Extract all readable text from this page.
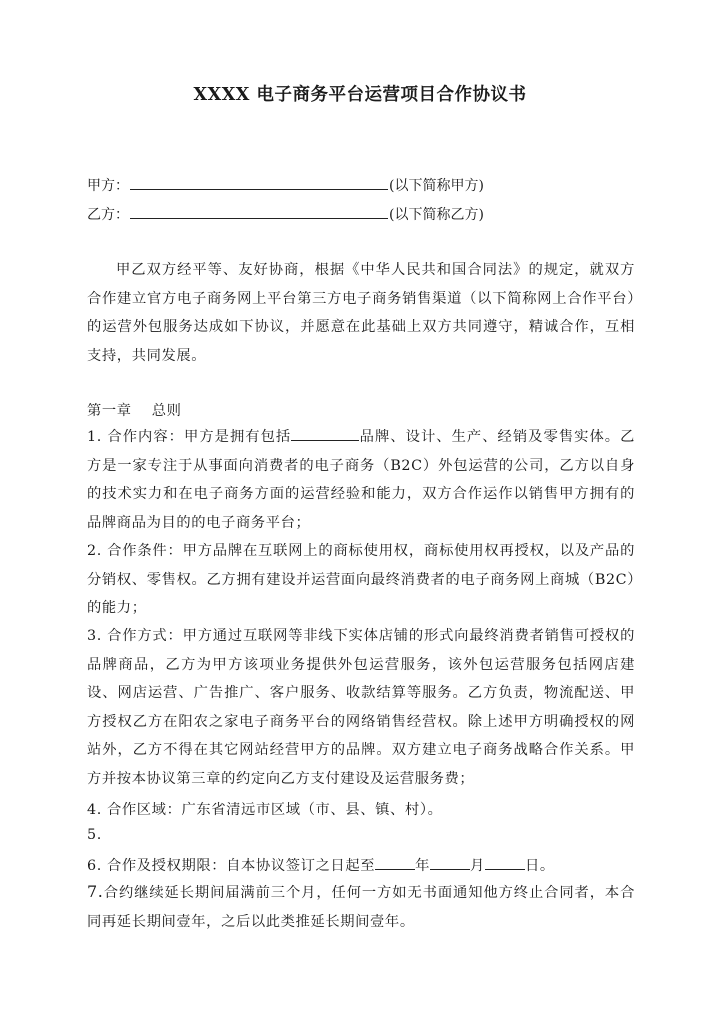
XXXX 电子商务平台运营项目合作协议书
甲方：	(以下简称甲方)
乙方：	(以下简称乙方)
甲乙双方经平等、友好协商，根据《中华人民共和国合同法》的规定，就双方合作建立官方电子商务网上平台第三方电子商务销售渠道（以下简称网上合作平台）的运营外包服务达成如下协议，并愿意在此基础上双方共同遵守，精诚合作，互相支持，共同发展。
第一章　 总则
1. 合作内容：甲方是拥有包括	品牌、设计、生产、经销及零售实体。乙方是一家专注于从事面向消费者的电子商务（B2C）外包运营的公司，乙方以自身的技术实力和在电子商务方面的运营经验和能力，双方合作运作以销售甲方拥有的品牌商品为目的的电子商务平台；
2. 合作条件：甲方品牌在互联网上的商标使用权，商标使用权再授权，以及产品的分销权、零售权。乙方拥有建设并运营面向最终消费者的电子商务网上商城（B2C）的能力；
3. 合作方式：甲方通过互联网等非线下实体店铺的形式向最终消费者销售可授权的品牌商品，乙方为甲方该项业务提供外包运营服务，该外包运营服务包括网店建设、网店运营、广告推广、客户服务、收款结算等服务。乙方负责，物流配送、甲方授权乙方在阳农之家电子商务平台的网络销售经营权。除上述甲方明确授权的网站外，乙方不得在其它网站经营甲方的品牌。双方建立电子商务战略合作关系。甲方并按本协议第三章的约定向乙方支付建设及运营服务费；
4. 合作区域：广东省清远市区域（市、县、镇、村）。
5.
6. 合作及授权期限：自本协议签订之日起至	年	月	日。
7.合约继续延长期间届满前三个月，任何一方如无书面通知他方终止合同者，本合同再延长期间壹年，之后以此类推延长期间壹年。
